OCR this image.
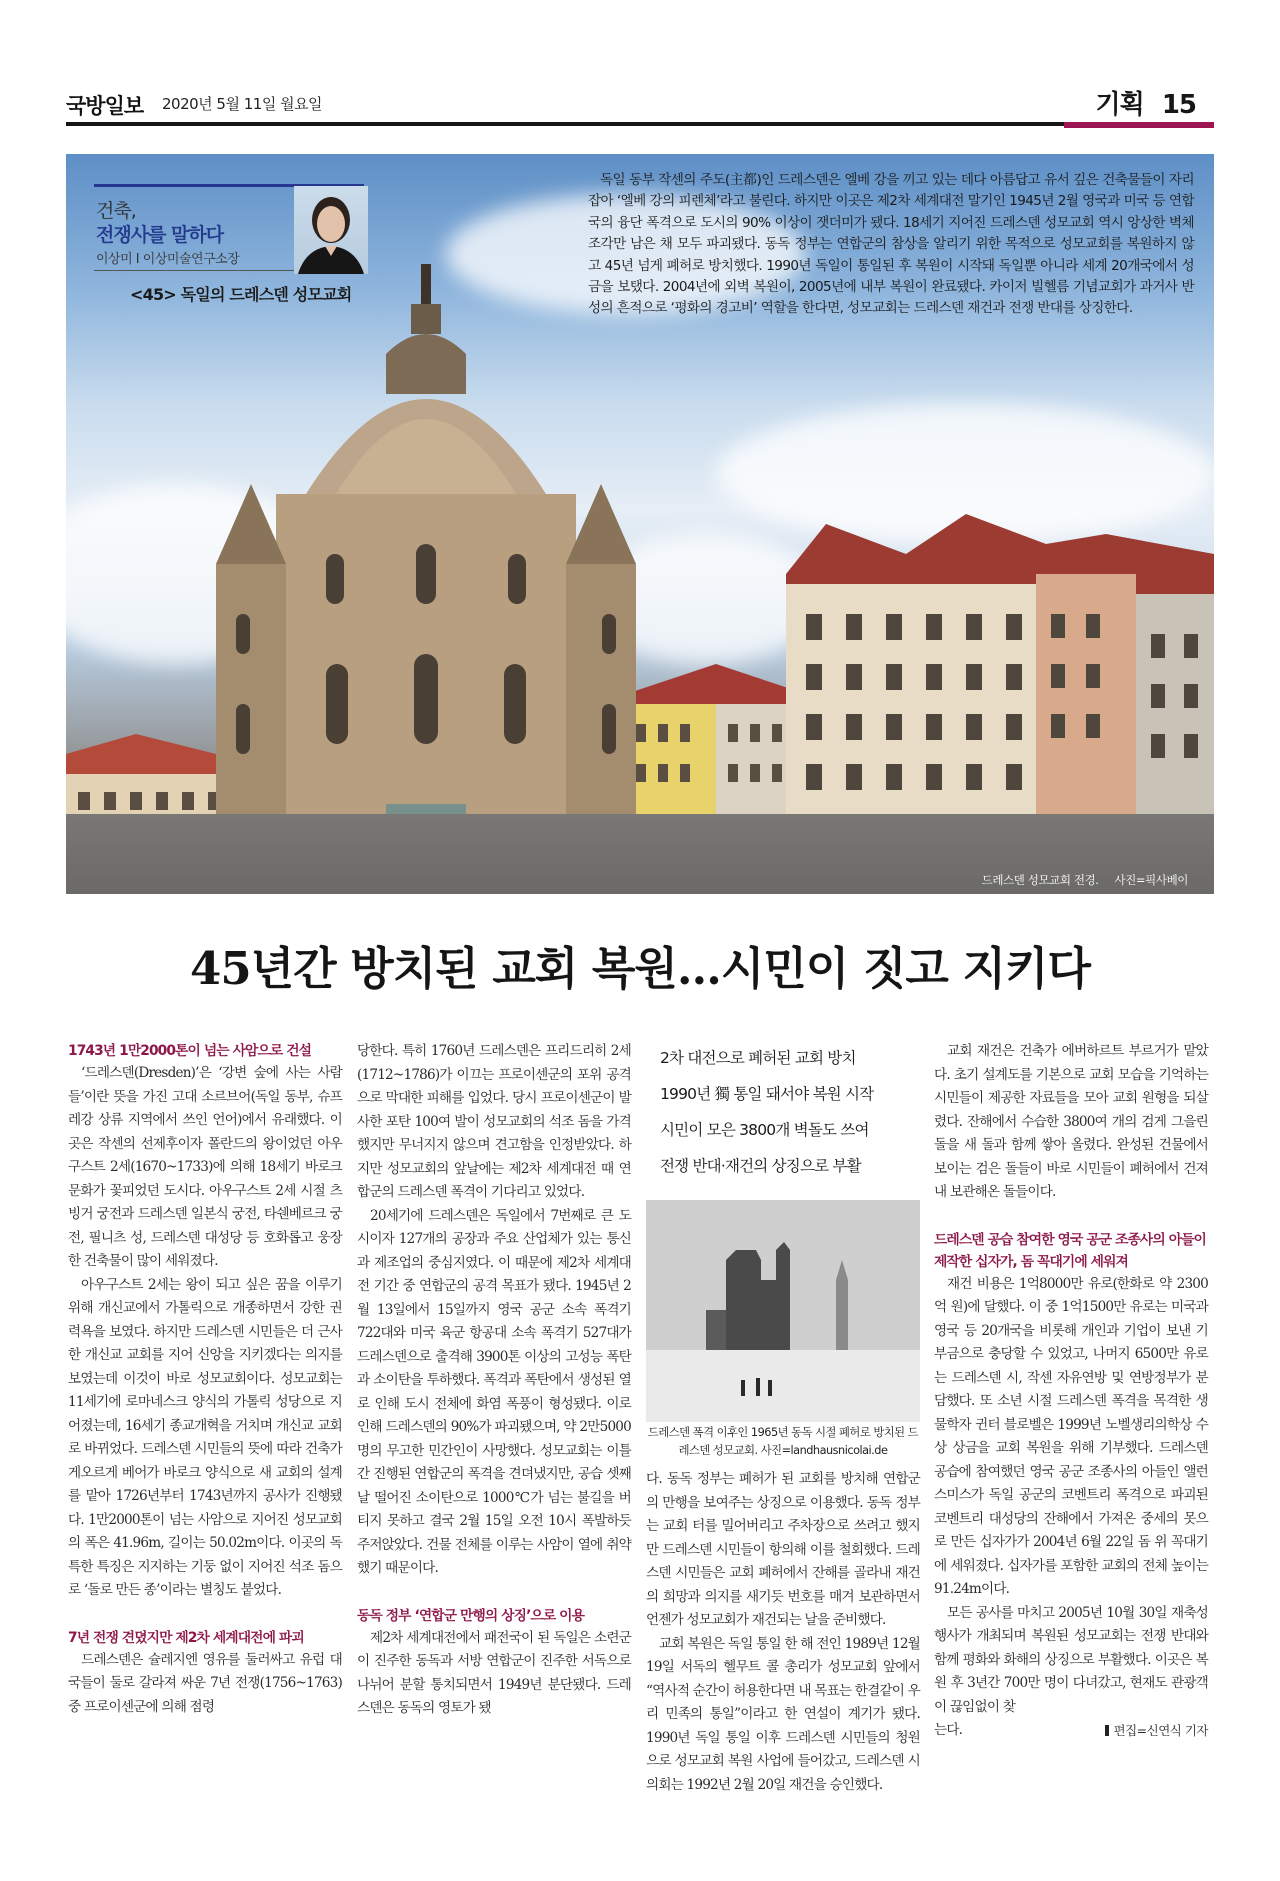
국방일보 2020년 5월 11일 월요일	기획 15
건축,
전쟁사를 말하다
이상미 I 이상미술연구소장
<45> 독일의 드레스덴 성모교회

독일 동부 작센의 주도(主都)인 드레스덴은 엘베 강을 끼고 있는 데다 아름답고 유서 깊은 건축물들이 자리 잡아 ‘엘베 강의 피렌체’라고 불린다. 하지만 이곳은 제2차 세계대전 말기인 1945년 2월 영국과 미국 등 연합국의 융단 폭격으로 도시의 90% 이상이 잿더미가 됐다. 18세기 지어진 드레스덴 성모교회 역시 앙상한 벽체 조각만 남은 채 모두 파괴됐다. 동독 정부는 연합군의 참상을 알리기 위한 목적으로 성모교회를 복원하지 않고 45년 넘게 폐허로 방치했다. 1990년 독일이 통일된 후 복원이 시작돼 독일뿐 아니라 세계 20개국에서 성금을 보탰다. 2004년에 외벽 복원이, 2005년에 내부 복원이 완료됐다. 카이저 빌헬름 기념교회가 과거사 반성의 흔적으로 ‘평화의 경고비’ 역할을 한다면, 성모교회는 드레스덴 재건과 전쟁 반대를 상징한다.

드레스덴 성모교회 전경. 사진=픽사베이
45년간 방치된 교회 복원…시민이 짓고 지키다
1743년 1만2000톤이 넘는 사암으로 건설

‘드레스덴(Dresden)’은 ‘강변 숲에 사는 사람들’이란 뜻을 가진 고대 소르브어(독일 동부, 슈프레강 상류 지역에서 쓰인 언어)에서 유래했다. 이곳은 작센의 선제후이자 폴란드의 왕이었던 아우구스트 2세(1670~1733)에 의해 18세기 바로크 문화가 꽃피었던 도시다. 아우구스트 2세 시절 츠빙거 궁전과 드레스덴 일본식 궁전, 타쉔베르크 궁전, 필니츠 성, 드레스덴 대성당 등 호화롭고 웅장한 건축물이 많이 세워졌다.

아우구스트 2세는 왕이 되고 싶은 꿈을 이루기 위해 개신교에서 가톨릭으로 개종하면서 강한 권력욕을 보였다. 하지만 드레스덴 시민들은 더 근사한 개신교 교회를 지어 신앙을 지키겠다는 의지를 보였는데 이것이 바로 성모교회이다. 성모교회는 11세기에 로마네스크 양식의 가톨릭 성당으로 지어졌는데, 16세기 종교개혁을 거치며 개신교 교회로 바뀌었다. 드레스덴 시민들의 뜻에 따라 건축가 게오르게 베어가 바로크 양식으로 새 교회의 설계를 맡아 1726년부터 1743년까지 공사가 진행됐다. 1만2000톤이 넘는 사암으로 지어진 성모교회의 폭은 41.96m, 길이는 50.02m이다. 이곳의 독특한 특징은 지지하는 기둥 없이 지어진 석조 돔으로 ‘돌로 만든 종’이라는 별칭도 붙었다.

7년 전쟁 견뎠지만 제2차 세계대전에 파괴

드레스덴은 슐레지엔 영유를 둘러싸고 유럽 대국들이 둘로 갈라져 싸운 7년 전쟁(1756~1763) 중 프로이센군에 의해 점령

당한다. 특히 1760년 드레스덴은 프리드리히 2세(1712~1786)가 이끄는 프로이센군의 포위 공격으로 막대한 피해를 입었다. 당시 프로이센군이 발사한 포탄 100여 발이 성모교회의 석조 돔을 가격했지만 무너지지 않으며 견고함을 인정받았다. 하지만 성모교회의 앞날에는 제2차 세계대전 때 연합군의 드레스덴 폭격이 기다리고 있었다.

20세기에 드레스덴은 독일에서 7번째로 큰 도시이자 127개의 공장과 주요 산업체가 있는 통신과 제조업의 중심지였다. 이 때문에 제2차 세계대전 기간 중 연합군의 공격 목표가 됐다. 1945년 2월 13일에서 15일까지 영국 공군 소속 폭격기 722대와 미국 육군 항공대 소속 폭격기 527대가 드레스덴으로 출격해 3900톤 이상의 고성능 폭탄과 소이탄을 투하했다. 폭격과 폭탄에서 생성된 열로 인해 도시 전체에 화염 폭풍이 형성됐다. 이로 인해 드레스덴의 90%가 파괴됐으며, 약 2만5000명의 무고한 민간인이 사망했다. 성모교회는 이틀간 진행된 연합군의 폭격을 견뎌냈지만, 공습 셋째 날 떨어진 소이탄으로 1000℃가 넘는 불길을 버티지 못하고 결국 2월 15일 오전 10시 폭발하듯 주저앉았다. 건물 전체를 이루는 사암이 열에 취약했기 때문이다.

동독 정부 ‘연합군 만행의 상징’으로 이용

제2차 세계대전에서 패전국이 된 독일은 소련군이 진주한 동독과 서방 연합군이 진주한 서독으로 나뉘어 분할 통치되면서 1949년 분단됐다. 드레스덴은 동독의 영토가 됐

2차 대전으로 폐허된 교회 방치
1990년 獨 통일 돼서야 복원 시작
시민이 모은 3800개 벽돌도 쓰여
전쟁 반대·재건의 상징으로 부활
드레스덴 폭격 이후인 1965년 동독 시절 폐허로 방치된 드레스덴 성모교회. 사진=landhausnicolai.de

다. 동독 정부는 폐허가 된 교회를 방치해 연합군의 만행을 보여주는 상징으로 이용했다. 동독 정부는 교회 터를 밀어버리고 주차장으로 쓰려고 했지만 드레스덴 시민들이 항의해 이를 철회했다. 드레스덴 시민들은 교회 폐허에서 잔해를 골라내 재건의 희망과 의지를 새기듯 번호를 매겨 보관하면서 언젠가 성모교회가 재건되는 날을 준비했다.

교회 복원은 독일 통일 한 해 전인 1989년 12월 19일 서독의 헬무트 콜 총리가 성모교회 앞에서 “역사적 순간이 허용한다면 내 목표는 한결같이 우리 민족의 통일”이라고 한 연설이 계기가 됐다. 1990년 독일 통일 이후 드레스덴 시민들의 청원으로 성모교회 복원 사업에 들어갔고, 드레스덴 시의회는 1992년 2월 20일 재건을 승인했다.

교회 재건은 건축가 에버하르트 부르거가 맡았다. 초기 설계도를 기본으로 교회 모습을 기억하는 시민들이 제공한 자료들을 모아 교회 원형을 되살렸다. 잔해에서 수습한 3800여 개의 검게 그을린 돌을 새 돌과 함께 쌓아 올렸다. 완성된 건물에서 보이는 검은 돌들이 바로 시민들이 폐허에서 건져내 보관해온 돌들이다.

드레스덴 공습 참여한 영국 공군 조종사의 아들이 제작한 십자가, 돔 꼭대기에 세워져

재건 비용은 1억8000만 유로(한화로 약 2300억 원)에 달했다. 이 중 1억1500만 유로는 미국과 영국 등 20개국을 비롯해 개인과 기업이 보낸 기부금으로 충당할 수 있었고, 나머지 6500만 유로는 드레스덴 시, 작센 자유연방 및 연방정부가 분담했다. 또 소년 시절 드레스덴 폭격을 목격한 생물학자 귄터 블로벨은 1999년 노벨생리의학상 수상 상금을 교회 복원을 위해 기부했다. 드레스덴 공습에 참여했던 영국 공군 조종사의 아들인 앨런 스미스가 독일 공군의 코벤트리 폭격으로 파괴된 코벤트리 대성당의 잔해에서 가져온 중세의 못으로 만든 십자가가 2004년 6월 22일 돔 위 꼭대기에 세워졌다. 십자가를 포함한 교회의 전체 높이는 91.24m이다.

모든 공사를 마치고 2005년 10월 30일 재축성 행사가 개최되며 복원된 성모교회는 전쟁 반대와 함께 평화와 화해의 상징으로 부활했다. 이곳은 복원 후 3년간 700만 명이 다녀갔고, 현재도 관광객이 끊임없이 찾

는다.	편집=신연식 기자
